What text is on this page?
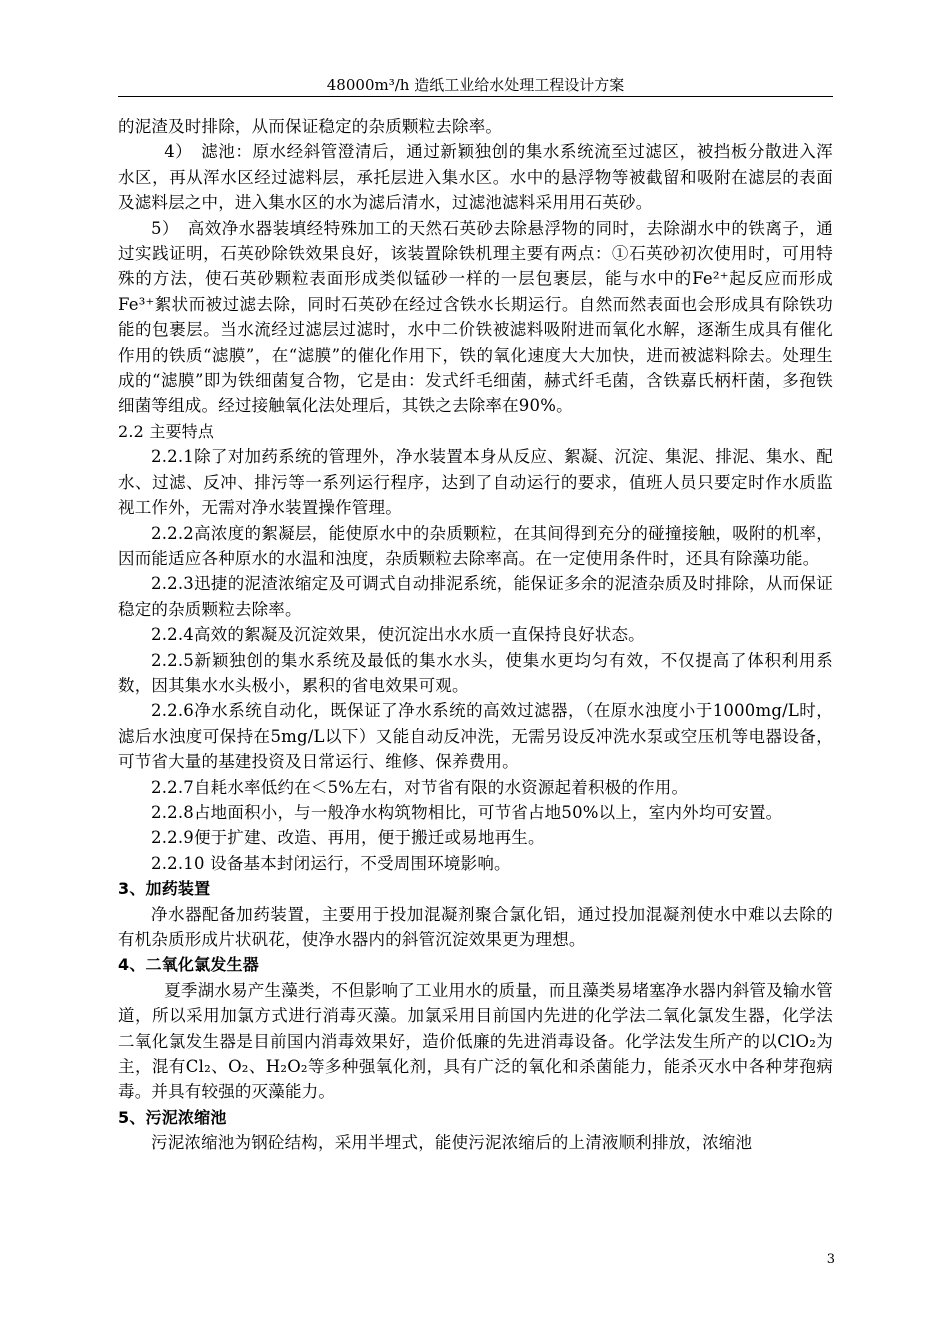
48000m³/h 造纸工业给水处理工程设计方案

的泥渣及时排除，从而保证稳定的杂质颗粒去除率。

4）　滤池：原水经斜管澄清后，通过新颖独创的集水系统流至过滤区，被挡板分散进入浑水区，再从浑水区经过滤料层，承托层进入集水区。水中的悬浮物等被截留和吸附在滤层的表面及滤料层之中，进入集水区的水为滤后清水，过滤池滤料采用用石英砂。

5）　高效净水器装填经特殊加工的天然石英砂去除悬浮物的同时，去除湖水中的铁离子，通过实践证明，石英砂除铁效果良好，该装置除铁机理主要有两点：①石英砂初次使用时，可用特殊的方法，使石英砂颗粒表面形成类似锰砂一样的一层包裹层，能与水中的Fe²⁺起反应而形成Fe³⁺絮状而被过滤去除，同时石英砂在经过含铁水长期运行。自然而然表面也会形成具有除铁功能的包裹层。当水流经过滤层过滤时，水中二价铁被滤料吸附进而氧化水解，逐渐生成具有催化作用的铁质“滤膜”，在“滤膜”的催化作用下，铁的氧化速度大大加快，进而被滤料除去。处理生成的“滤膜”即为铁细菌复合物，它是由：发式纤毛细菌，赫式纤毛菌，含铁嘉氏柄杆菌，多孢铁细菌等组成。经过接触氧化法处理后，其铁之去除率在90%。

2.2 主要特点

2.2.1除了对加药系统的管理外，净水装置本身从反应、絮凝、沉淀、集泥、排泥、集水、配水、过滤、反冲、排污等一系列运行程序，达到了自动运行的要求，值班人员只要定时作水质监视工作外，无需对净水装置操作管理。

2.2.2高浓度的絮凝层，能使原水中的杂质颗粒，在其间得到充分的碰撞接触，吸附的机率，因而能适应各种原水的水温和浊度，杂质颗粒去除率高。在一定使用条件时，还具有除藻功能。

2.2.3迅捷的泥渣浓缩定及可调式自动排泥系统，能保证多余的泥渣杂质及时排除，从而保证稳定的杂质颗粒去除率。

2.2.4高效的絮凝及沉淀效果，使沉淀出水水质一直保持良好状态。

2.2.5新颖独创的集水系统及最低的集水水头，使集水更均匀有效，不仅提高了体积利用系数，因其集水水头极小，累积的省电效果可观。

2.2.6净水系统自动化，既保证了净水系统的高效过滤器，（在原水浊度小于1000mg/L时，滤后水浊度可保持在5mg/L以下）又能自动反冲洗，无需另设反冲洗水泵或空压机等电器设备，可节省大量的基建投资及日常运行、维修、保养费用。

2.2.7自耗水率低约在＜5%左右，对节省有限的水资源起着积极的作用。

2.2.8占地面积小，与一般净水构筑物相比，可节省占地50%以上，室内外均可安置。

2.2.9便于扩建、改造、再用，便于搬迁或易地再生。

2.2.10 设备基本封闭运行，不受周围环境影响。

3、加药装置

净水器配备加药装置，主要用于投加混凝剂聚合氯化铝，通过投加混凝剂使水中难以去除的有机杂质形成片状矾花，使净水器内的斜管沉淀效果更为理想。

4、二氧化氯发生器

夏季湖水易产生藻类，不但影响了工业用水的质量，而且藻类易堵塞净水器内斜管及输水管道，所以采用加氯方式进行消毒灭藻。加氯采用目前国内先进的化学法二氧化氯发生器，化学法二氧化氯发生器是目前国内消毒效果好，造价低廉的先进消毒设备。化学法发生所产的以ClO₂为主，混有Cl₂、O₂、H₂O₂等多种强氧化剂，具有广泛的氧化和杀菌能力，能杀灭水中各种芽孢病毒。并具有较强的灭藻能力。

5、污泥浓缩池

污泥浓缩池为钢砼结构，采用半埋式，能使污泥浓缩后的上清液顺利排放，浓缩池

3
